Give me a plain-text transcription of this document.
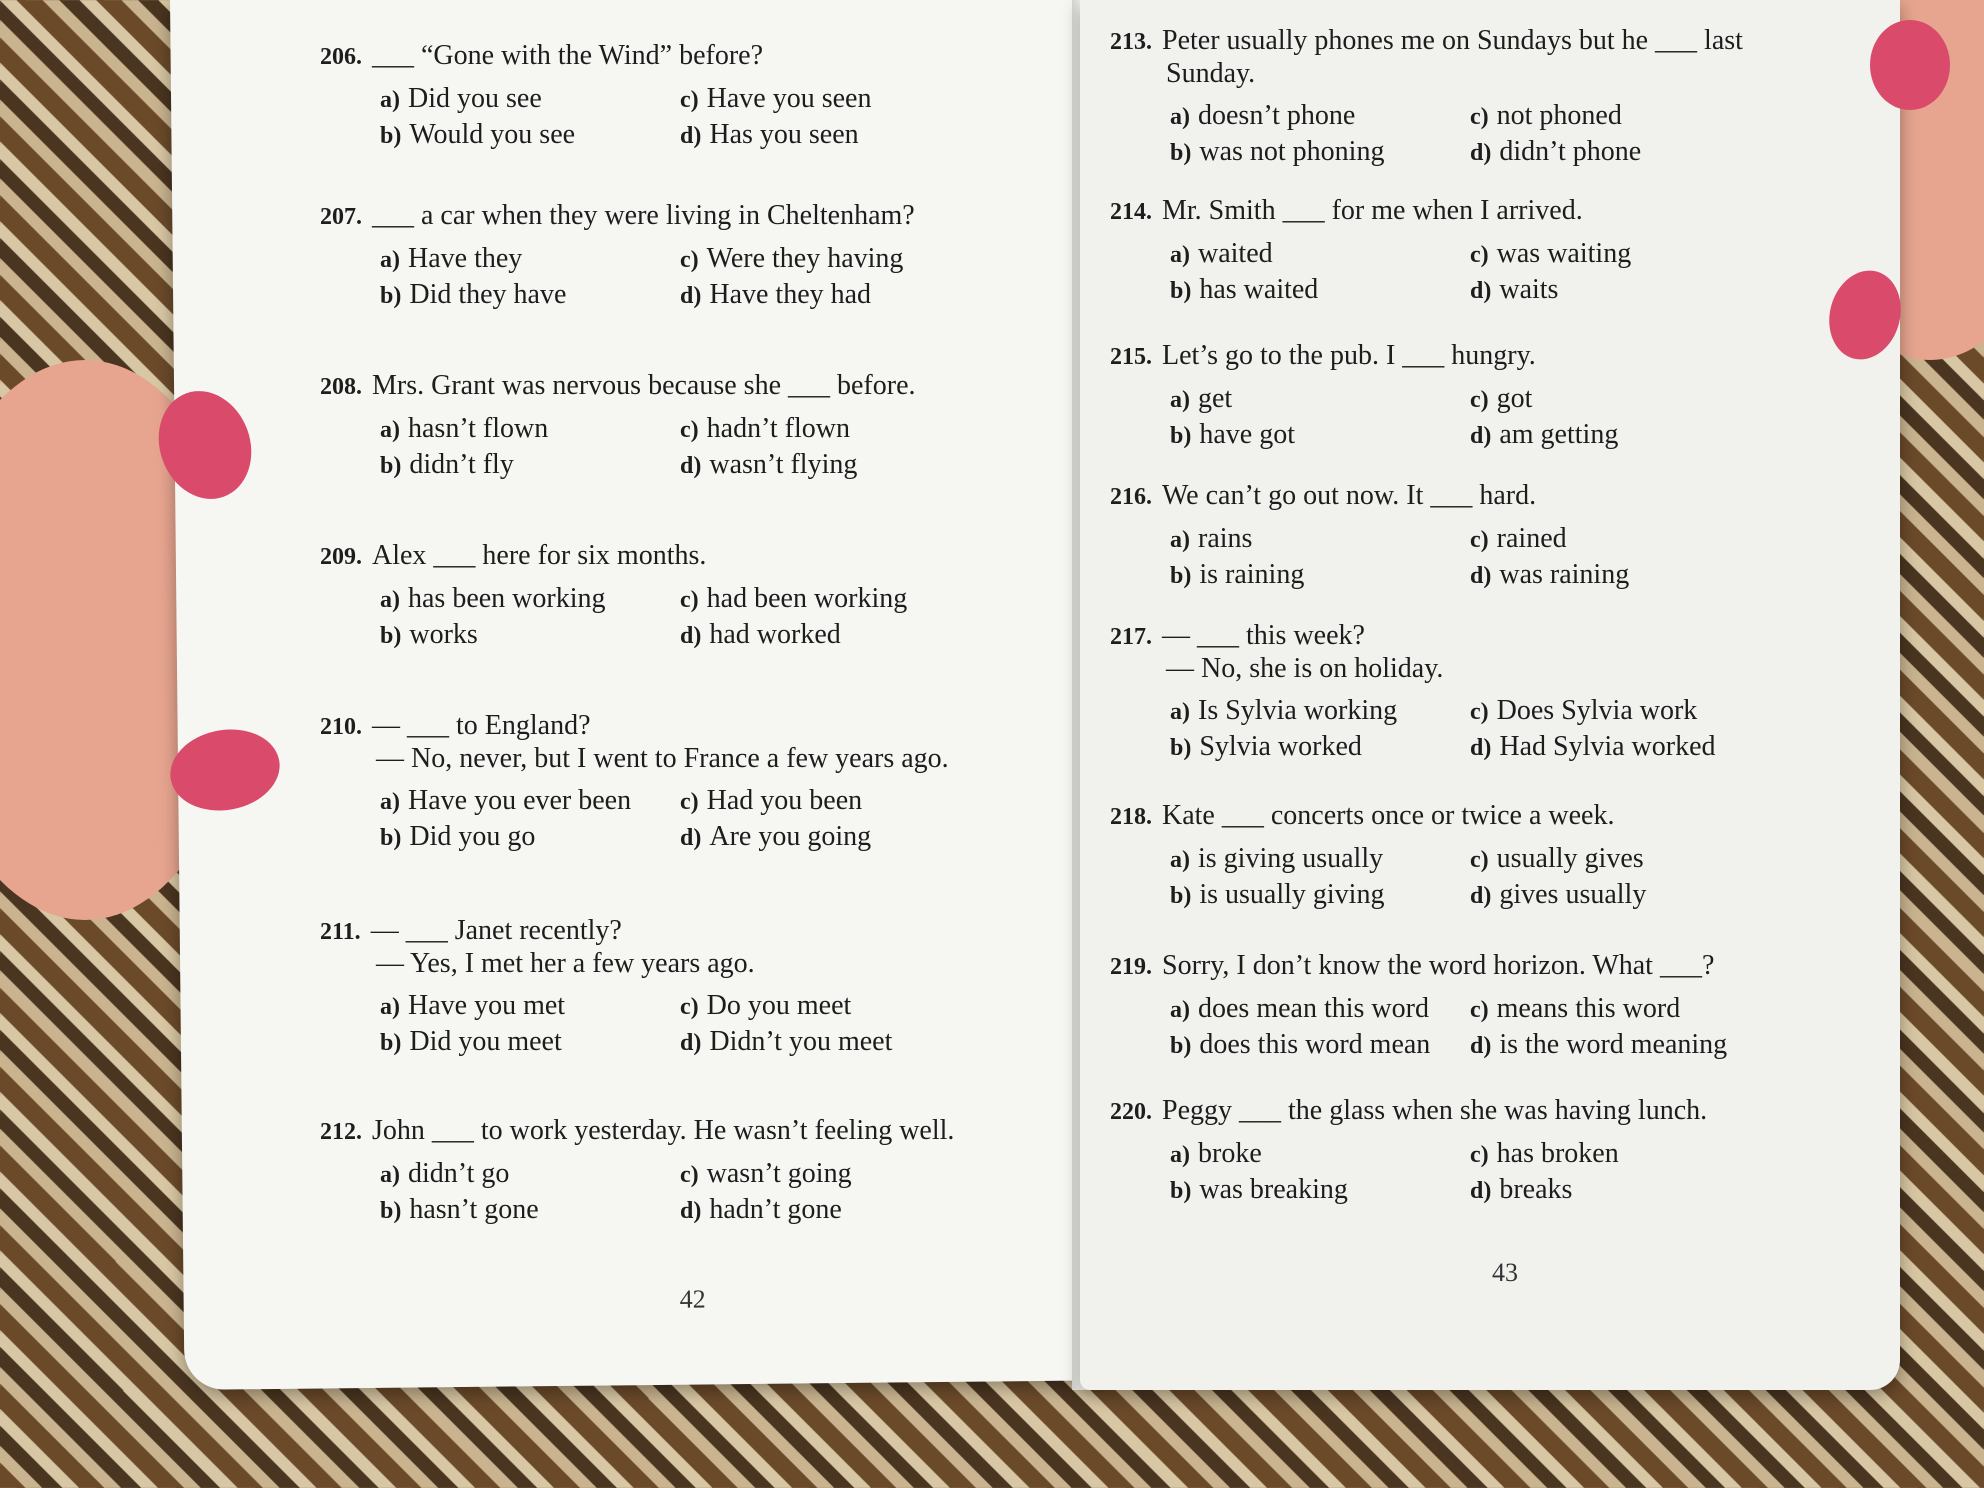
42
43
206. ___ “Gone with the Wind” before?
a) Did you see	c) Have you seen
b) Would you see	d) Has you seen
207. ___ a car when they were living in Cheltenham?
a) Have they	c) Were they having
b) Did they have	d) Have they had
208. Mrs. Grant was nervous because she ___ before.
a) hasn’t flown	c) hadn’t flown
b) didn’t fly	d) wasn’t flying
209. Alex ___ here for six months.
a) has been working	c) had been working
b) works	d) had worked
210. — ___ to England?
— No, never, but I went to France a few years ago.
a) Have you ever been	c) Had you been
b) Did you go	d) Are you going
211. — ___ Janet recently?
— Yes, I met her a few years ago.
a) Have you met	c) Do you meet
b) Did you meet	d) Didn’t you meet
212. John ___ to work yesterday. He wasn’t feeling well.
a) didn’t go	c) wasn’t going
b) hasn’t gone	d) hadn’t gone
213. Peter usually phones me on Sundays but he ___ last
Sunday.
a) doesn’t phone	c) not phoned
b) was not phoning	d) didn’t phone
214. Mr. Smith ___ for me when I arrived.
a) waited	c) was waiting
b) has waited	d) waits
215. Let’s go to the pub. I ___ hungry.
a) get	c) got
b) have got	d) am getting
216. We can’t go out now. It ___ hard.
a) rains	c) rained
b) is raining	d) was raining
217. — ___ this week?
— No, she is on holiday.
a) Is Sylvia working	c) Does Sylvia work
b) Sylvia worked	d) Had Sylvia worked
218. Kate ___ concerts once or twice a week.
a) is giving usually	c) usually gives
b) is usually giving	d) gives usually
219. Sorry, I don’t know the word horizon. What ___?
a) does mean this word	c) means this word
b) does this word mean	d) is the word meaning
220. Peggy ___ the glass when she was having lunch.
a) broke	c) has broken
b) was breaking	d) breaks
